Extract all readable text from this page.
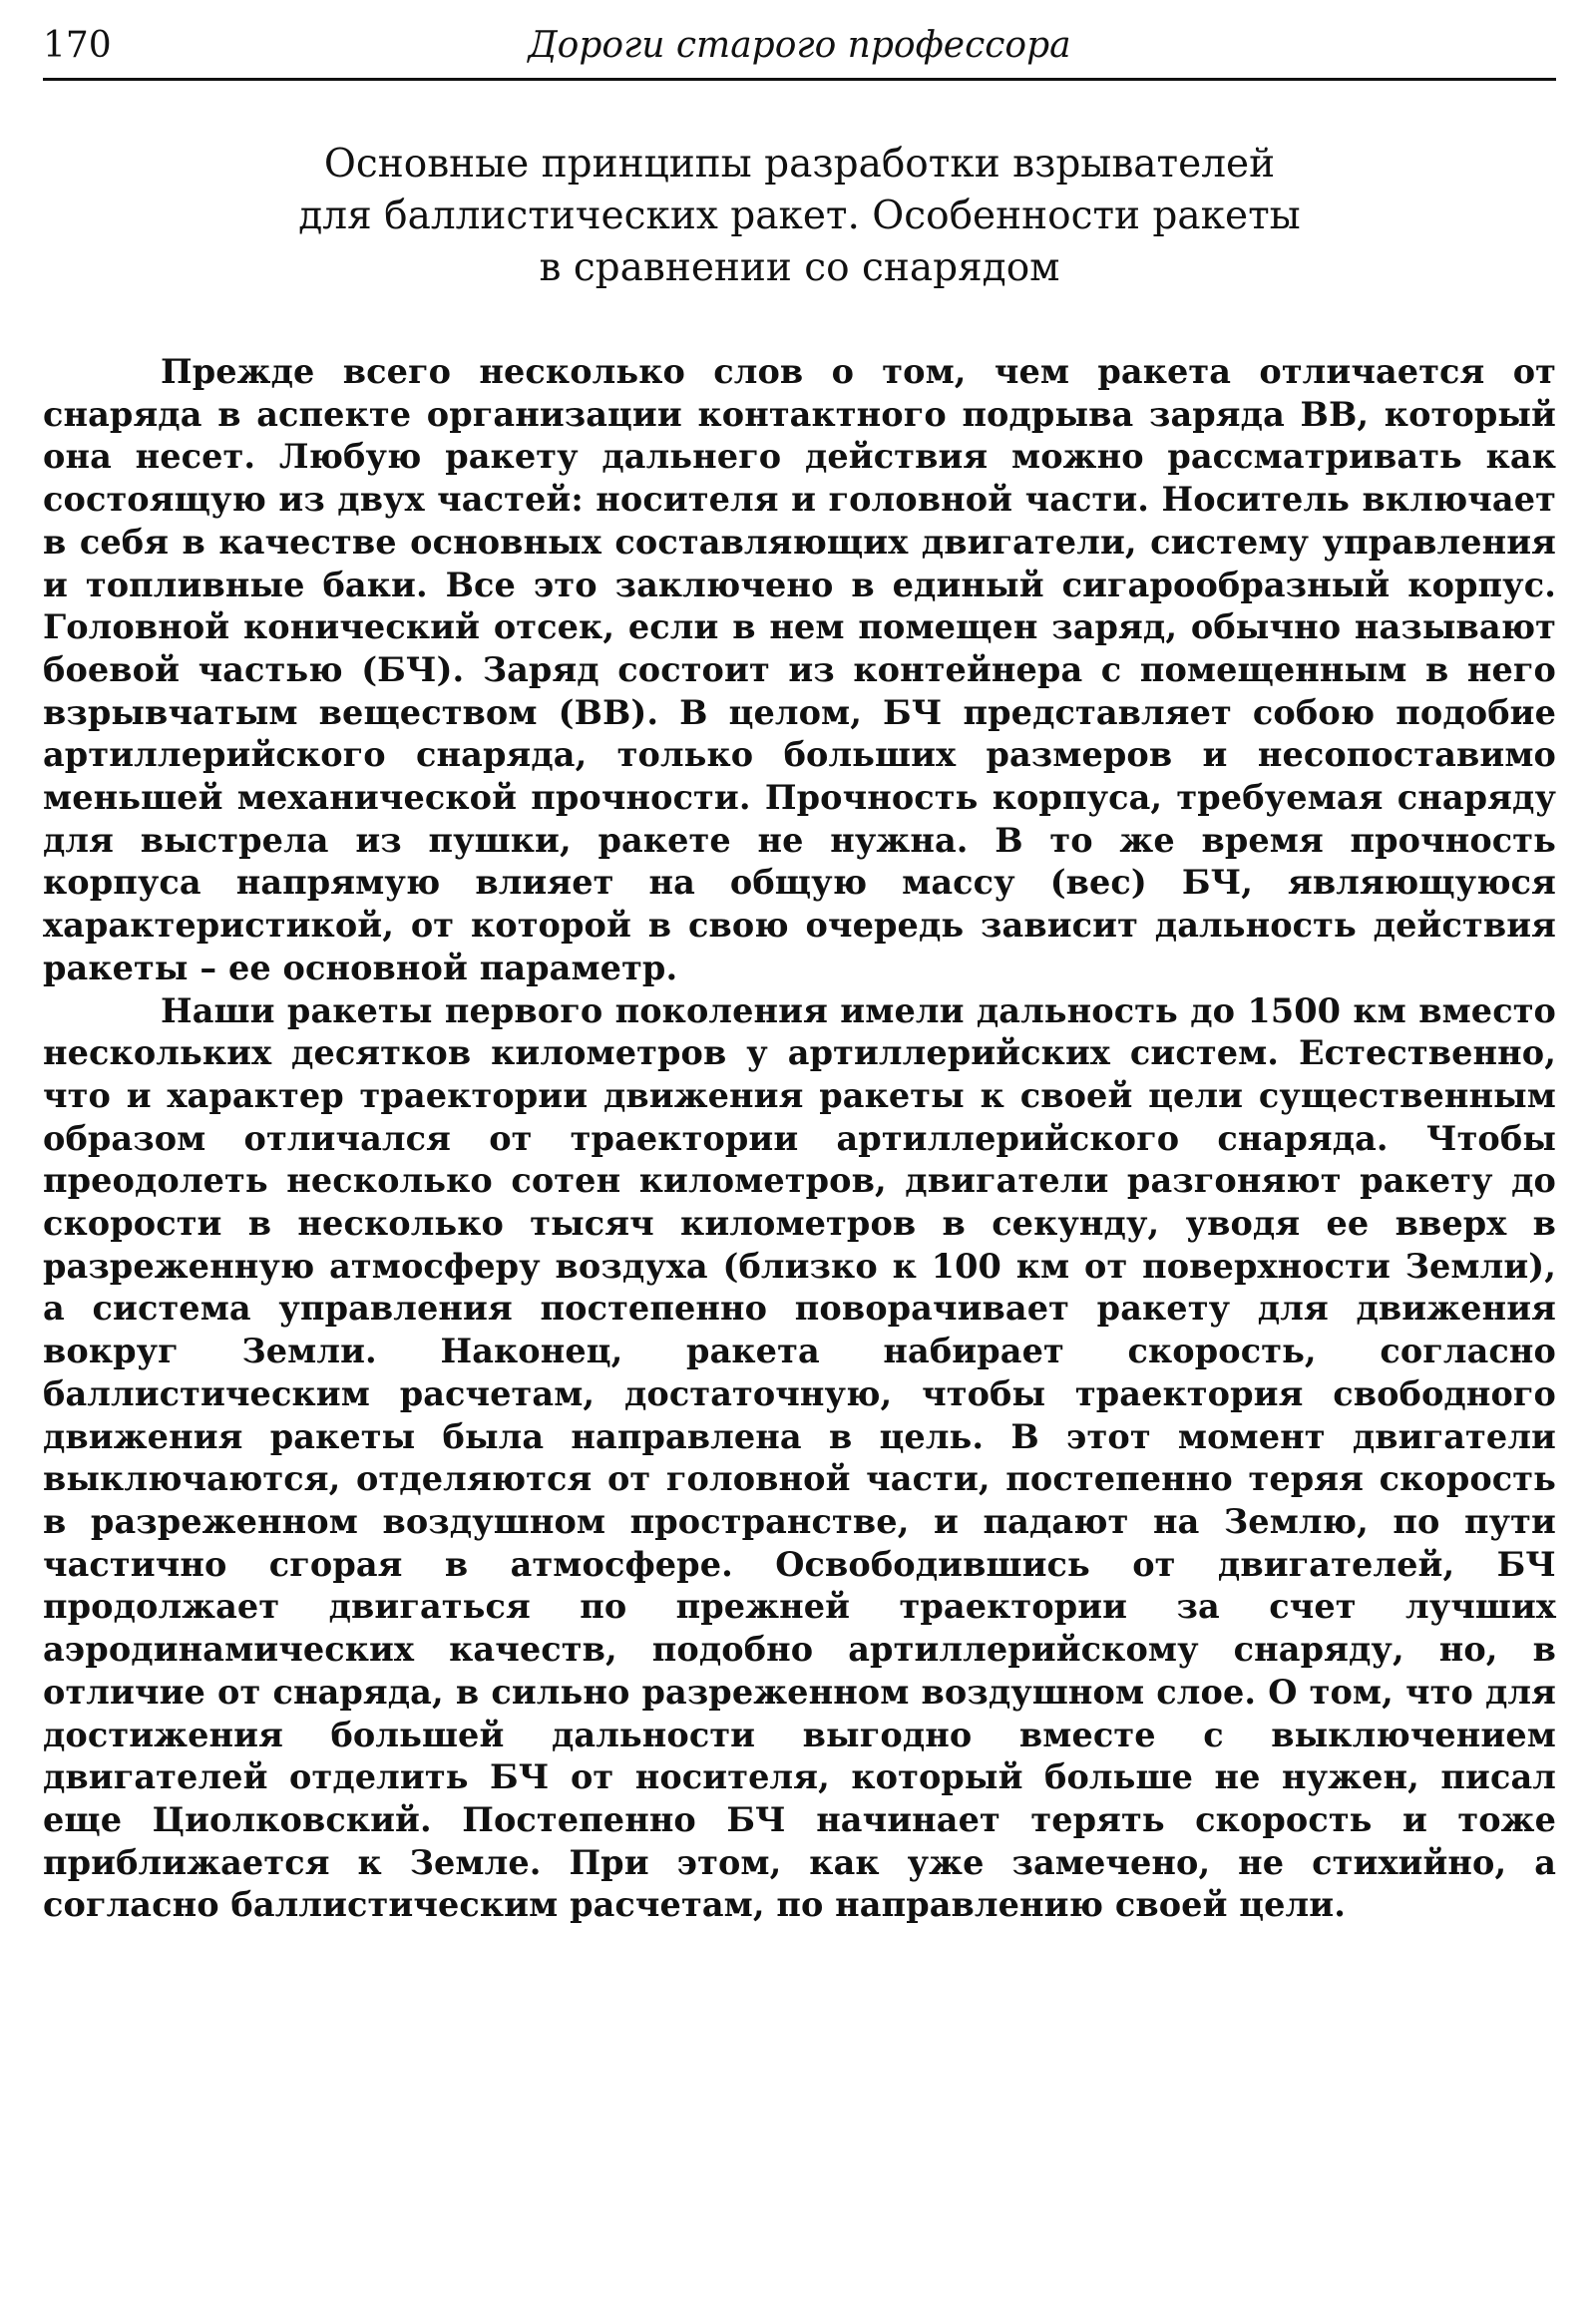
170	Дороги старого профессора
Основные принципы разработки взрывателей
для баллистических ракет. Особенности ракеты
в сравнении со снарядом

Прежде всего несколько слов о том, чем ракета отличается от снаряда в аспекте организации контактного подрыва заряда ВВ, который она несет. Любую ракету дальнего действия можно рассматривать как состоящую из двух частей: носителя и головной части. Носитель включает в себя в качестве основных составляющих двигатели, систему управления и топливные баки. Все это заключено в единый сигарообразный корпус. Головной конический отсек, если в нем помещен заряд, обычно называют боевой частью (БЧ). Заряд состоит из контейнера с помещенным в него взрывчатым веществом (ВВ). В целом, БЧ представляет собою подобие артиллерийского снаряда, только больших размеров и несопоставимо меньшей механической прочности. Прочность корпуса, требуемая снаряду для выстрела из пушки, ракете не нужна. В то же время прочность корпуса напрямую влияет на общую массу (вес) БЧ, являющуюся характеристикой, от которой в свою очередь зависит дальность действия ракеты – ее основной параметр.

Наши ракеты первого поколения имели дальность до 1500 км вместо нескольких десятков километров у артиллерийских систем. Естественно, что и характер траектории движения ракеты к своей цели существенным образом отличался от траектории артиллерийского снаряда. Чтобы преодолеть несколько сотен километров, двигатели разгоняют ракету до скорости в несколько тысяч километров в секунду, уводя ее вверх в разреженную атмосферу воздуха (близко к 100 км от поверхности Земли), а система управления постепенно поворачивает ракету для движения вокруг Земли. Наконец, ракета набирает скорость, согласно баллистическим расчетам, достаточную, чтобы траектория свободного движения ракеты была направлена в цель. В этот момент двигатели выключаются, отделяются от головной части, постепенно теряя скорость в разреженном воздушном пространстве, и падают на Землю, по пути частично сгорая в атмосфере. Освободившись от двигателей, БЧ продолжает двигаться по прежней траектории за счет лучших аэродинамических качеств, подобно артиллерийскому снаряду, но, в отличие от снаряда, в сильно разреженном воздушном слое. О том, что для достижения большей дальности выгодно вместе с выключением двигателей отделить БЧ от носителя, который больше не нужен, писал еще Циолковский. Постепенно БЧ начинает терять скорость и тоже приближается к Земле. При этом, как уже замечено, не стихийно, а согласно баллистическим расчетам, по направлению своей цели.
